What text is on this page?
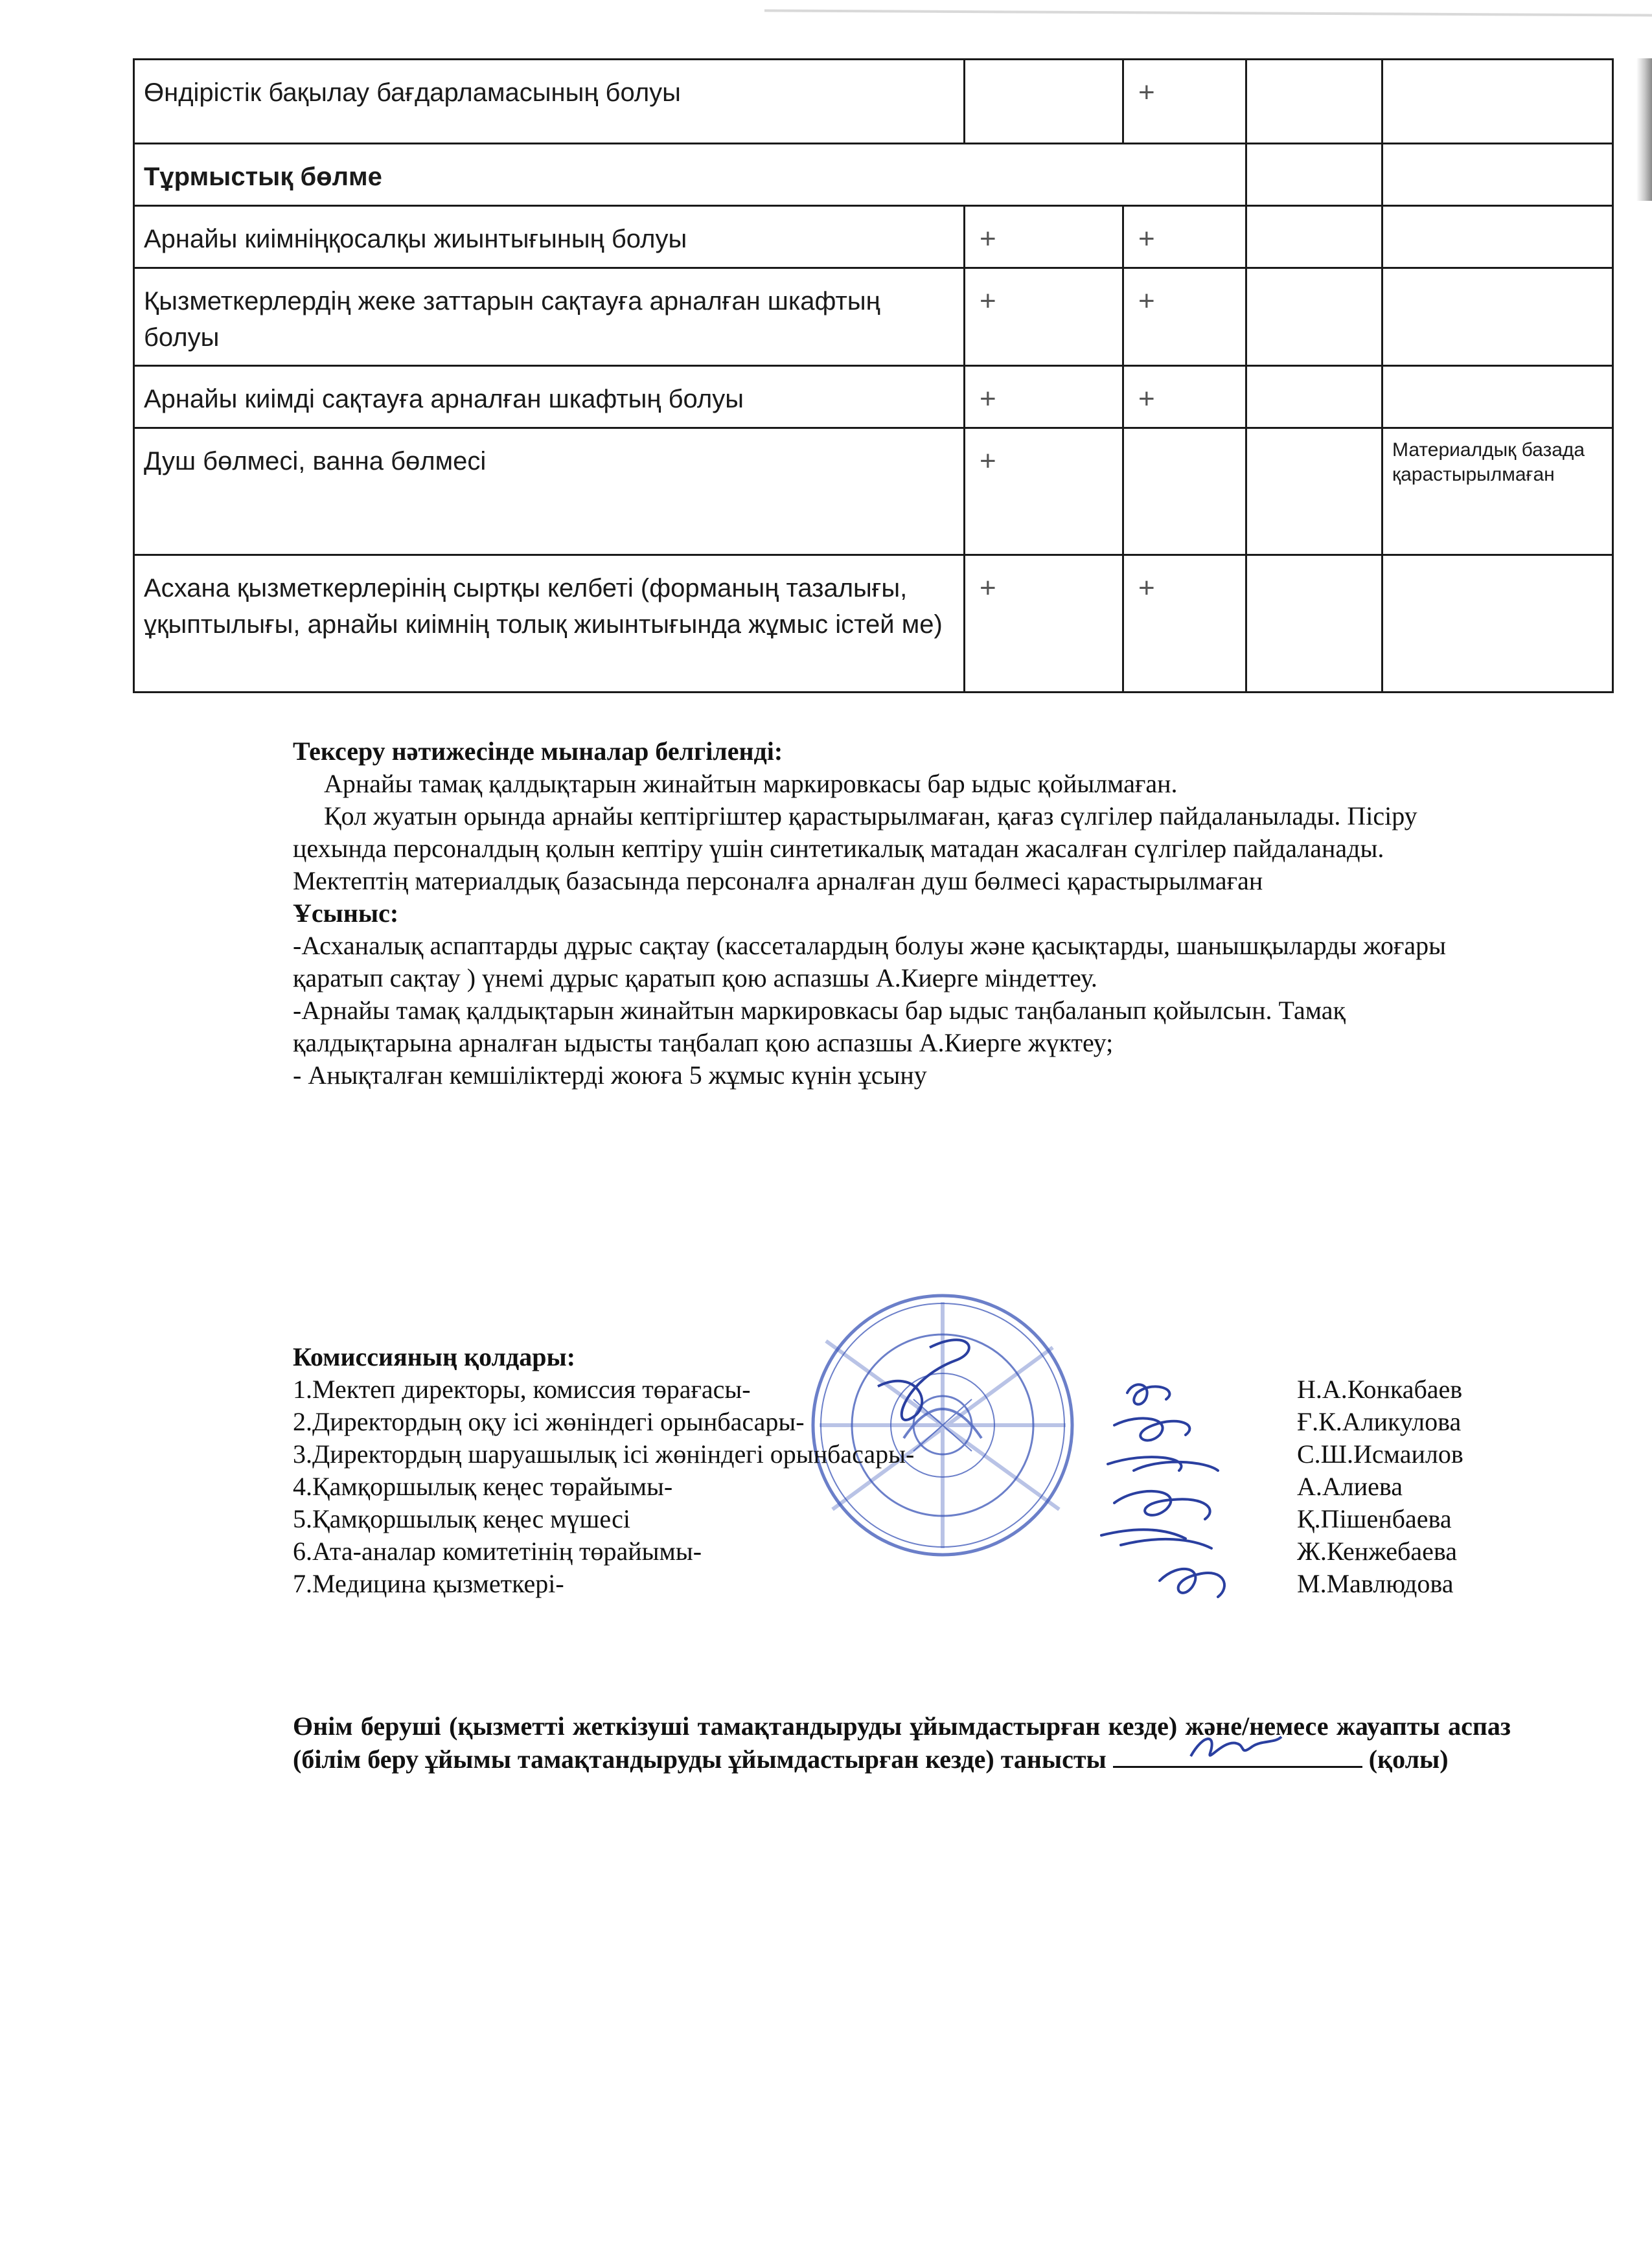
Өндірістік бақылау бағдарламасының болуы		+		
Тұрмыстық бөлме				
Арнайы киімніңқосалқы жиынтығының болуы	+	+		
Қызметкерлердің жеке заттарын сақтауға арналған шкафтың болуы	+	+		
Арнайы киімді сақтауға арналған шкафтың болуы	+	+		
Душ бөлмесі, ванна бөлмесі	+			Материалдық базада қарастырылмаған
Асхана қызметкерлерінің сыртқы келбеті (форманың тазалығы, ұқыптылығы, арнайы киімнің толық жиынтығында жұмыс істей ме)	+	+		
Тексеру нәтижесінде мыналар белгіленді:
Арнайы тамақ қалдықтарын жинайтын маркировкасы бар ыдыс қойылмаған.
Қол жуатын орында арнайы кептіргіштер қарастырылмаған, қағаз сүлгілер пайдаланылады. Пісіру цехында персоналдың қолын кептіру үшін синтетикалық матадан жасалған сүлгілер пайдаланады.
Мектептің материалдық базасында персоналға арналған душ бөлмесі қарастырылмаған
Ұсыныс:
-Асханалық аспаптарды дұрыс сақтау (кассеталардың болуы және қасықтарды, шанышқыларды жоғары қаратып сақтау ) үнемі дұрыс қаратып қою аспазшы А.Киерге міндеттеу.
-Арнайы тамақ қалдықтарын жинайтын маркировкасы бар ыдыс таңбаланып қойылсын. Тамақ қалдықтарына арналған ыдысты таңбалап қою аспазшы А.Киерге жүктеу;
- Анықталған кемшіліктерді жоюға 5 жұмыс күнін ұсыну
Комиссияның қолдары:
1.Мектеп директоры, комиссия төрағасы-	Н.А.Конкабаев
2.Директордың оқу ісі жөніндегі орынбасары-	Ғ.К.Аликулова
3.Директордың шаруашылық ісі жөніндегі орынбасары-	С.Ш.Исмаилов
4.Қамқоршылық кеңес төрайымы-	А.Алиева
5.Қамқоршылық кеңес мүшесі	Қ.Пішенбаева
6.Ата-аналар комитетінің төрайымы-	Ж.Кенжебаева
7.Медицина қызметкері-	М.Мавлюдова
Өнім беруші (қызметті жеткізуші тамақтандыруды ұйымдастырған кезде) және/немесе жауапты аспаз (білім беру ұйымы тамақтандыруды ұйымдастырған кезде) танысты	(қолы)
